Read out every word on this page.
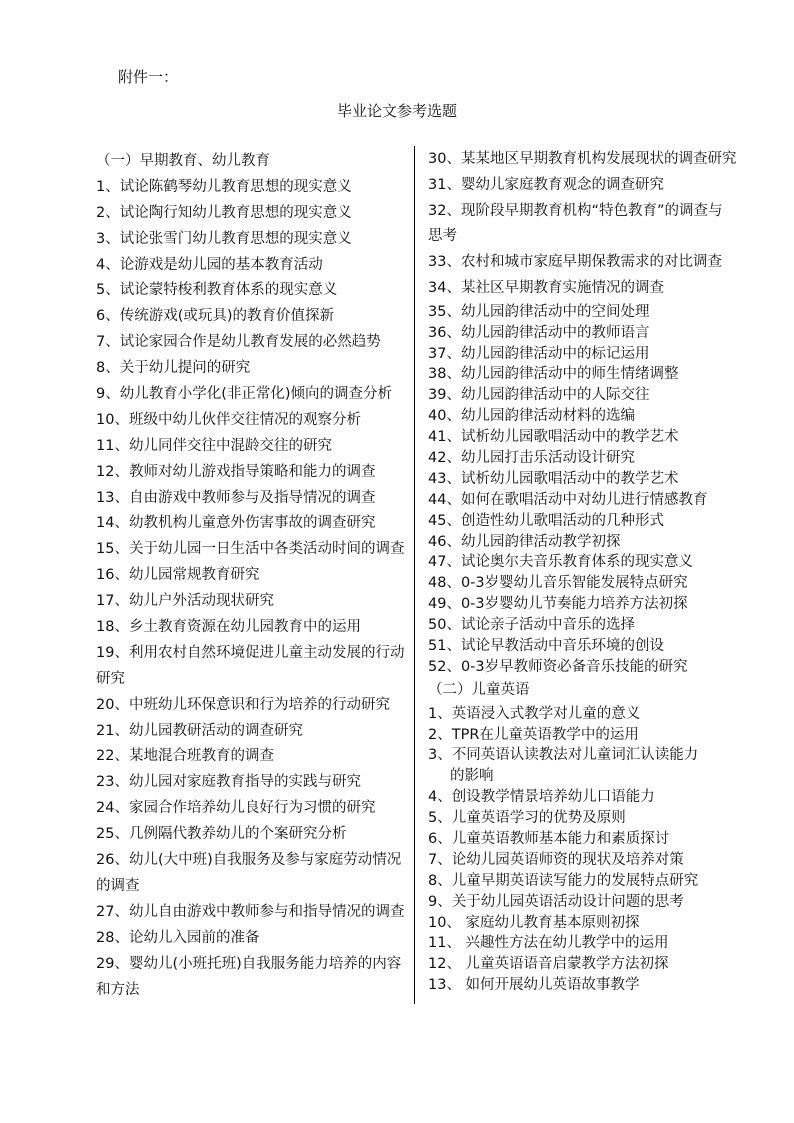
附件一：
毕业论文参考选题
（一）早期教育、幼儿教育
1、试论陈鹤琴幼儿教育思想的现实意义
2、试论陶行知幼儿教育思想的现实意义
3、试论张雪门幼儿教育思想的现实意义
4、论游戏是幼儿园的基本教育活动
5、试论蒙特梭利教育体系的现实意义
6、传统游戏(或玩具)的教育价值探新
7、试论家园合作是幼儿教育发展的必然趋势
8、关于幼儿提问的研究
9、幼儿教育小学化(非正常化)倾向的调查分析
10、班级中幼儿伙伴交往情况的观察分析
11、幼儿同伴交往中混龄交往的研究
12、教师对幼儿游戏指导策略和能力的调查
13、自由游戏中教师参与及指导情况的调查
14、幼教机构儿童意外伤害事故的调查研究
15、关于幼儿园一日生活中各类活动时间的调查
16、幼儿园常规教育研究
17、幼儿户外活动现状研究
18、乡土教育资源在幼儿园教育中的运用
19、利用农村自然环境促进儿童主动发展的行动
研究
20、中班幼儿环保意识和行为培养的行动研究
21、幼儿园教研活动的调查研究
22、某地混合班教育的调查
23、幼儿园对家庭教育指导的实践与研究
24、家园合作培养幼儿良好行为习惯的研究
25、几例隔代教养幼儿的个案研究分析
26、幼儿(大中班)自我服务及参与家庭劳动情况
的调查
27、幼儿自由游戏中教师参与和指导情况的调查
28、论幼儿入园前的准备
29、婴幼儿(小班托班)自我服务能力培养的内容
和方法
30、某某地区早期教育机构发展现状的调查研究
31、婴幼儿家庭教育观念的调查研究
32、现阶段早期教育机构“特色教育”的调查与
思考
33、农村和城市家庭早期保教需求的对比调查
34、某社区早期教育实施情况的调查
35、幼儿园韵律活动中的空间处理
36、幼儿园韵律活动中的教师语言
37、幼儿园韵律活动中的标记运用
38、幼儿园韵律活动中的师生情绪调整
39、幼儿园韵律活动中的人际交往
40、幼儿园韵律活动材料的选编
41、试析幼儿园歌唱活动中的教学艺术
42、幼儿园打击乐活动设计研究
43、试析幼儿园歌唱活动中的教学艺术
44、如何在歌唱活动中对幼儿进行情感教育
45、创造性幼儿歌唱活动的几种形式
46、幼儿园韵律活动教学初探
47、试论奥尔夫音乐教育体系的现实意义
48、0-3岁婴幼儿音乐智能发展特点研究
49、0-3岁婴幼儿节奏能力培养方法初探
50、试论亲子活动中音乐的选择
51、试论早教活动中音乐环境的创设
52、0-3岁早教师资必备音乐技能的研究
（二）儿童英语
1、英语浸入式教学对儿童的意义
2、TPR在儿童英语教学中的运用
3、不同英语认读教法对儿童词汇认读能力
的影响
4、创设教学情景培养幼儿口语能力
5、儿童英语学习的优势及原则
6、儿童英语教师基本能力和素质探讨
7、论幼儿园英语师资的现状及培养对策
8、儿童早期英语读写能力的发展特点研究
9、关于幼儿园英语活动设计问题的思考
10、 家庭幼儿教育基本原则初探
11、 兴趣性方法在幼儿教学中的运用
12、 儿童英语语音启蒙教学方法初探
13、 如何开展幼儿英语故事教学
